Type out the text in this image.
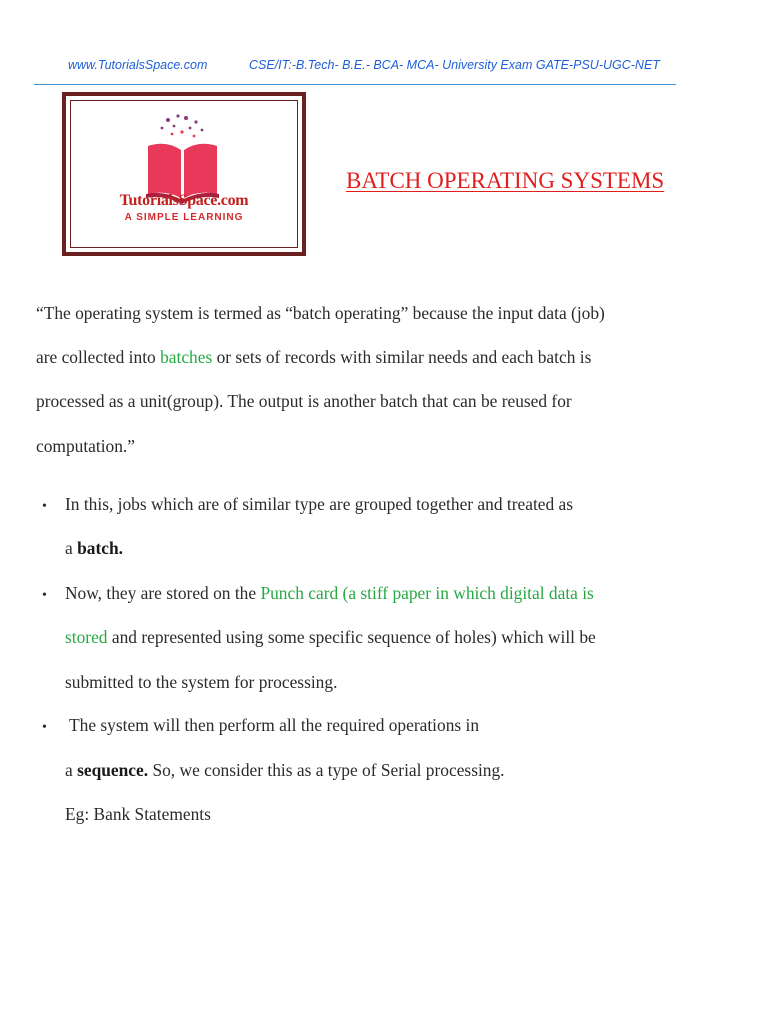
www.TutorialsSpace.com	CSE/IT:-B.Tech- B.E.- BCA- MCA- University Exam GATE-PSU-UGC-NET
TutorialsSpace.com
A SIMPLE LEARNING
BATCH OPERATING SYSTEMS
“The operating system is termed as “batch operating” because the input data (job)
are collected into batches or sets of records with similar needs and each batch is
processed as a unit(group). The output is another batch that can be reused for
computation.”
• In this, jobs which are of similar type are grouped together and treated as
a batch.
• Now, they are stored on the Punch card (a stiff paper in which digital data is
stored and represented using some specific sequence of holes) which will be
submitted to the system for processing.
• The system will then perform all the required operations in
a sequence. So, we consider this as a type of Serial processing.
Eg: Bank Statements
